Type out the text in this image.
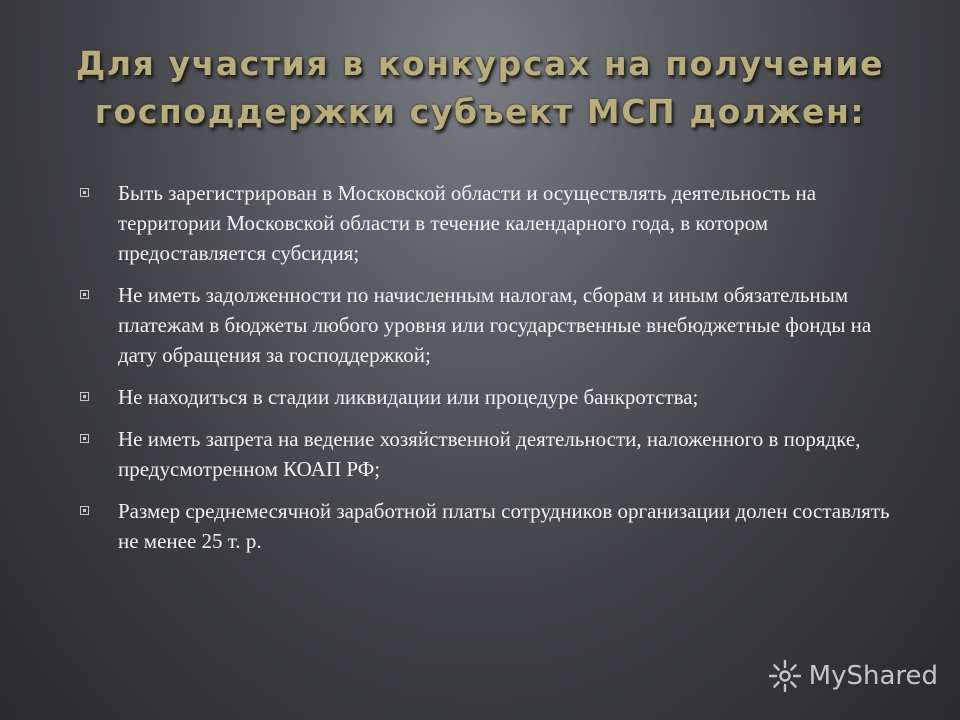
Для участия в конкурсах на получение
господдержки субъект МСП должен:
Быть зарегистрирован в Московской области и осуществлять деятельность на территории Московской области в течение календарного года, в котором предоставляется субсидия;
Не иметь задолженности по начисленным налогам, сборам и иным обязательным платежам в бюджеты любого уровня или государственные внебюджетные фонды на дату обращения за господдержкой;
Не находиться в стадии ликвидации или процедуре банкротства;
Не иметь запрета на ведение хозяйственной деятельности, наложенного в порядке, предусмотренном КОАП РФ;
Размер среднемесячной заработной платы сотрудников организации долен составлять не менее 25 т. р.
MyShared
